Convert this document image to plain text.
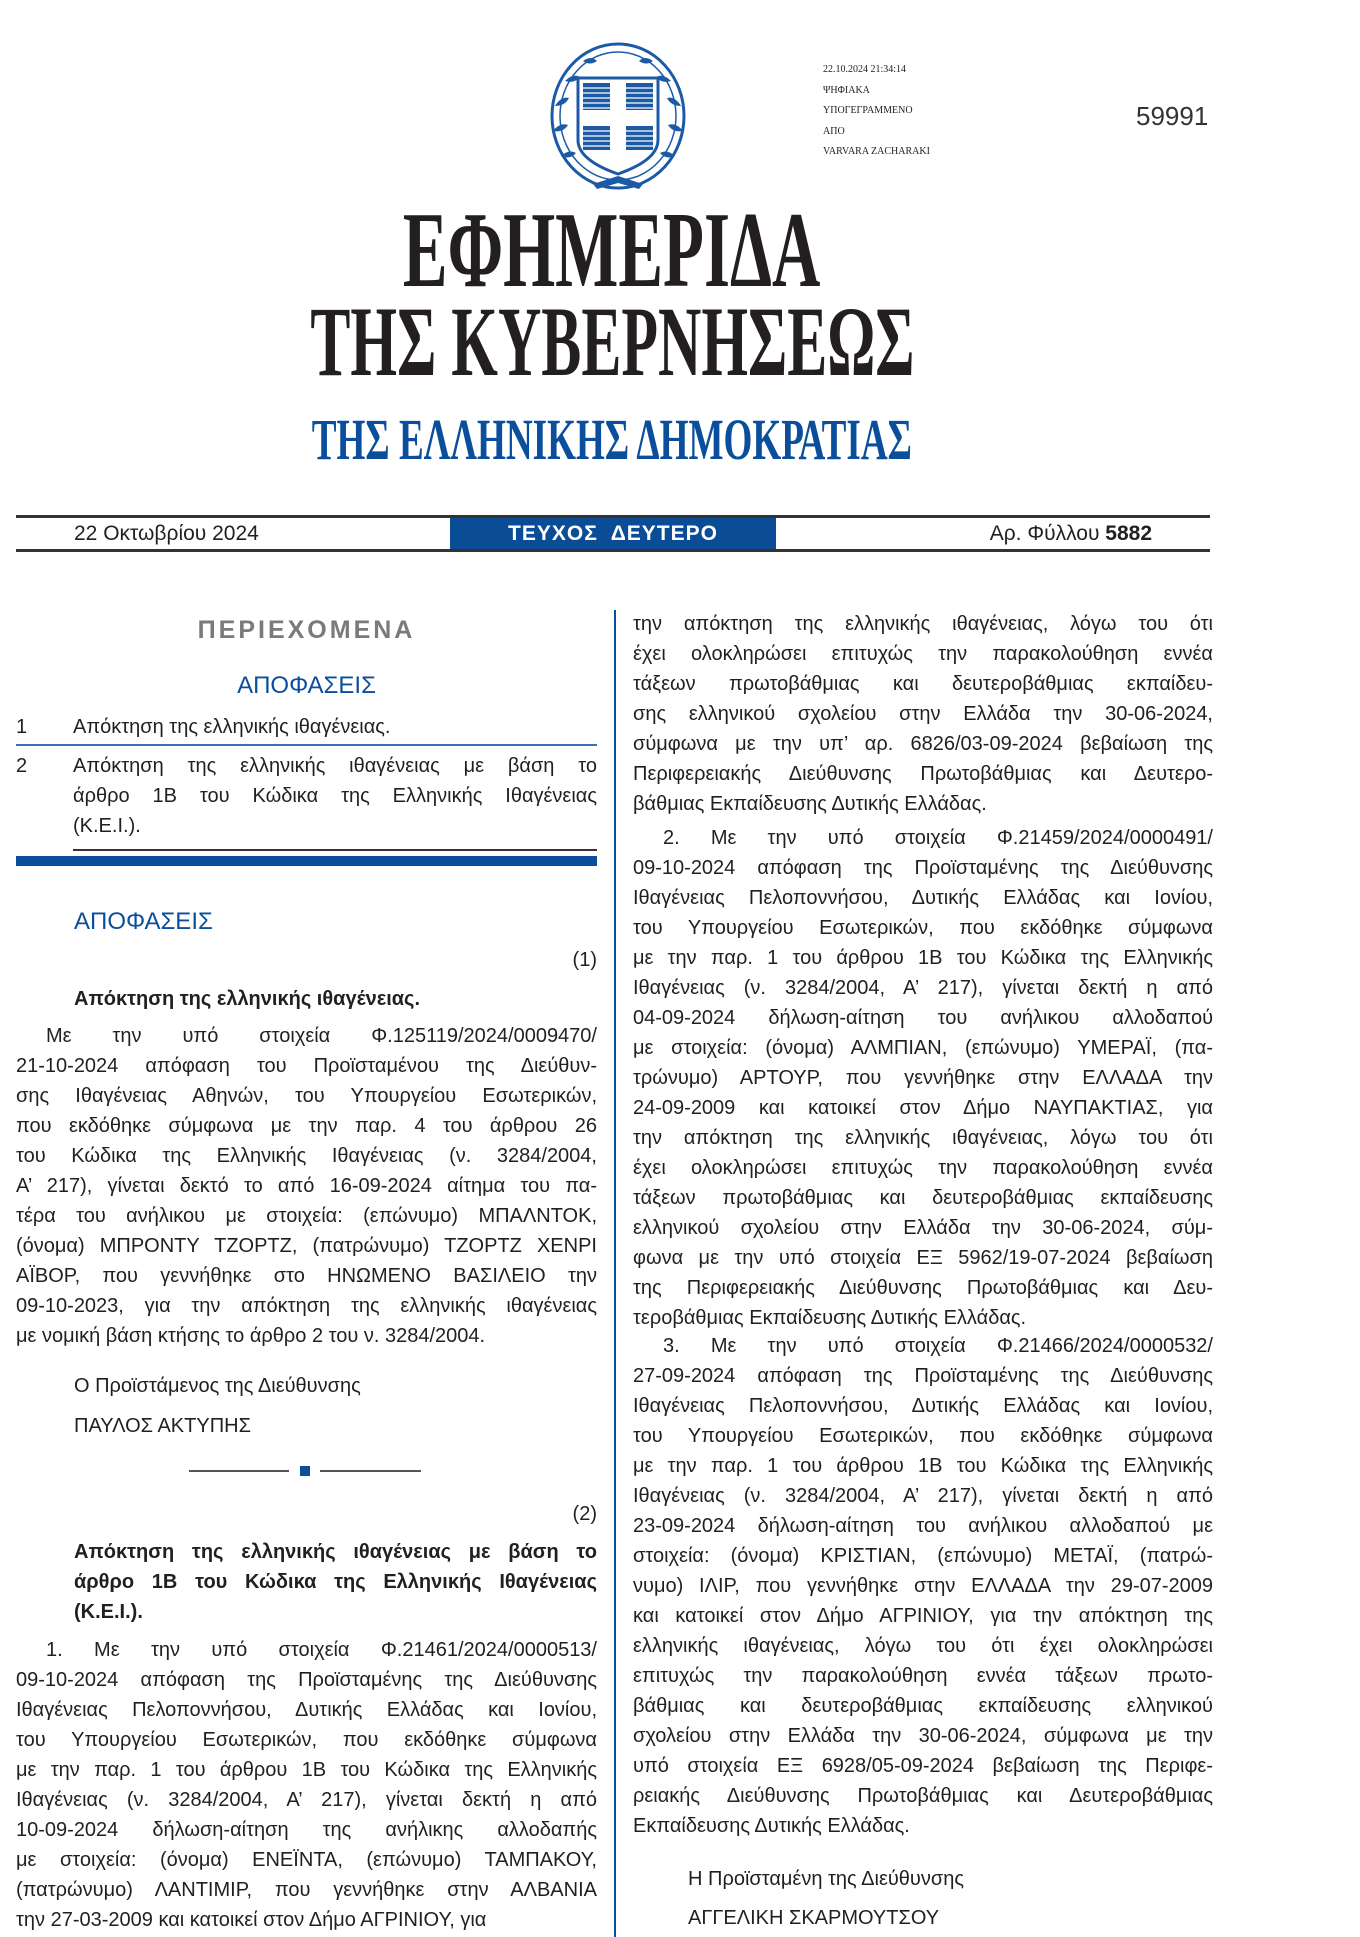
22.10.2024 21:34:14
ΨΗΦΙΑΚΑ
ΥΠΟΓΕΓΡΑΜΜΕΝΟ
ΑΠΟ
VARVARA ZACHARAKI
59991
ΕΦΗΜΕΡΙΔΑ
ΤΗΣ ΚΥΒΕΡΝΗΣΕΩΣ
ΤΗΣ ΕΛΛΗΝΙΚΗΣ ΔΗΜΟΚΡΑΤΙΑΣ
22 Οκτωβρίου 2024	ΤΕΥΧΟΣ  ΔΕΥΤΕΡΟ	Αρ. Φύλλου 5882
ΠΕΡΙΕΧΟΜΕΝΑ
ΑΠΟΦΑΣΕΙΣ
1 Απόκτηση της ελληνικής ιθαγένειας.
2 Απόκτηση της ελληνικής ιθαγένειας με βάση το
άρθρο 1Β του Κώδικα της Ελληνικής Ιθαγένειας
(Κ.Ε.Ι.).
ΑΠΟΦΑΣΕΙΣ
(1)
Απόκτηση της ελληνικής ιθαγένειας.
Με την υπό στοιχεία Φ.125119/2024/0009470/
21-10-2024 απόφαση του Προϊσταμένου της Διεύθυν-
σης Ιθαγένειας Αθηνών, του Υπουργείου Εσωτερικών,
που εκδόθηκε σύμφωνα με την παρ. 4 του άρθρου 26
του Κώδικα της Ελληνικής Ιθαγένειας (ν. 3284/2004,
Α’ 217), γίνεται δεκτό το από 16-09-2024 αίτημα του πα-
τέρα του ανήλικου με στοιχεία: (επώνυμο) ΜΠΑΛΝΤΟΚ,
(όνομα) ΜΠΡΟΝΤΥ ΤΖΟΡΤΖ, (πατρώνυμο) ΤΖΟΡΤΖ ΧΕΝΡΙ
ΑΪΒΟΡ, που γεννήθηκε στο ΗΝΩΜΕΝΟ ΒΑΣΙΛΕΙΟ την
09-10-2023, για την απόκτηση της ελληνικής ιθαγένειας
με νομική βάση κτήσης το άρθρο 2 του ν. 3284/2004.
Ο Προϊστάμενος της Διεύθυνσης
ΠΑΥΛΟΣ ΑΚΤΥΠΗΣ
(2)
Απόκτηση της ελληνικής ιθαγένειας με βάση το
άρθρο 1Β του Κώδικα της Ελληνικής Ιθαγένειας
(Κ.Ε.Ι.).
1. Με την υπό στοιχεία Φ.21461/2024/0000513/
09-10-2024 απόφαση της Προϊσταμένης της Διεύθυνσης
Ιθαγένειας Πελοποννήσου, Δυτικής Ελλάδας και Ιονίου,
του Υπουργείου Εσωτερικών, που εκδόθηκε σύμφωνα
με την παρ. 1 του άρθρου 1Β του Κώδικα της Ελληνικής
Ιθαγένειας (ν. 3284/2004, Α’ 217), γίνεται δεκτή η από
10-09-2024 δήλωση-αίτηση της ανήλικης αλλοδαπής
με στοιχεία: (όνομα) ΕΝΕΪΝΤΑ, (επώνυμο) ΤΑΜΠΑΚΟΥ,
(πατρώνυμο) ΛΑΝΤΙΜΙΡ, που γεννήθηκε στην ΑΛΒΑΝΙΑ
την 27-03-2009 και κατοικεί στον Δήμο ΑΓΡΙΝΙΟΥ, για
την απόκτηση της ελληνικής ιθαγένειας, λόγω του ότι
έχει ολοκληρώσει επιτυχώς την παρακολούθηση εννέα
τάξεων πρωτοβάθμιας και δευτεροβάθμιας εκπαίδευ-
σης ελληνικού σχολείου στην Ελλάδα την 30-06-2024,
σύμφωνα με την υπ’ αρ. 6826/03-09-2024 βεβαίωση της
Περιφερειακής Διεύθυνσης Πρωτοβάθμιας και Δευτερο-
βάθμιας Εκπαίδευσης Δυτικής Ελλάδας.
2. Με την υπό στοιχεία Φ.21459/2024/0000491/
09-10-2024 απόφαση της Προϊσταμένης της Διεύθυνσης
Ιθαγένειας Πελοποννήσου, Δυτικής Ελλάδας και Ιονίου,
του Υπουργείου Εσωτερικών, που εκδόθηκε σύμφωνα
με την παρ. 1 του άρθρου 1Β του Κώδικα της Ελληνικής
Ιθαγένειας (ν. 3284/2004, Α’ 217), γίνεται δεκτή η από
04-09-2024 δήλωση-αίτηση του ανήλικου αλλοδαπού
με στοιχεία: (όνομα) ΑΛΜΠΙΑΝ, (επώνυμο) ΥΜΕΡΑΪ, (πα-
τρώνυμο) ΑΡΤΟΥΡ, που γεννήθηκε στην ΕΛΛΑΔΑ την
24-09-2009 και κατοικεί στον Δήμο ΝΑΥΠΑΚΤΙΑΣ, για
την απόκτηση της ελληνικής ιθαγένειας, λόγω του ότι
έχει ολοκληρώσει επιτυχώς την παρακολούθηση εννέα
τάξεων πρωτοβάθμιας και δευτεροβάθμιας εκπαίδευσης
ελληνικού σχολείου στην Ελλάδα την 30-06-2024, σύμ-
φωνα με την υπό στοιχεία ΕΞ 5962/19-07-2024 βεβαίωση
της Περιφερειακής Διεύθυνσης Πρωτοβάθμιας και Δευ-
τεροβάθμιας Εκπαίδευσης Δυτικής Ελλάδας.
3. Με την υπό στοιχεία Φ.21466/2024/0000532/
27-09-2024 απόφαση της Προϊσταμένης της Διεύθυνσης
Ιθαγένειας Πελοποννήσου, Δυτικής Ελλάδας και Ιονίου,
του Υπουργείου Εσωτερικών, που εκδόθηκε σύμφωνα
με την παρ. 1 του άρθρου 1Β του Κώδικα της Ελληνικής
Ιθαγένειας (ν. 3284/2004, Α’ 217), γίνεται δεκτή η από
23-09-2024 δήλωση-αίτηση του ανήλικου αλλοδαπού με
στοιχεία: (όνομα) ΚΡΙΣΤΙΑΝ, (επώνυμο) ΜΕΤΑΪ, (πατρώ-
νυμο) ΙΛΙΡ, που γεννήθηκε στην ΕΛΛΑΔΑ την 29-07-2009
και κατοικεί στον Δήμο ΑΓΡΙΝΙΟΥ, για την απόκτηση της
ελληνικής ιθαγένειας, λόγω του ότι έχει ολοκληρώσει
επιτυχώς την παρακολούθηση εννέα τάξεων πρωτο-
βάθμιας και δευτεροβάθμιας εκπαίδευσης ελληνικού
σχολείου στην Ελλάδα την 30-06-2024, σύμφωνα με την
υπό στοιχεία ΕΞ 6928/05-09-2024 βεβαίωση της Περιφε-
ρειακής Διεύθυνσης Πρωτοβάθμιας και Δευτεροβάθμιας
Εκπαίδευσης Δυτικής Ελλάδας.
Η Προϊσταμένη της Διεύθυνσης
ΑΓΓΕΛΙΚΗ ΣΚΑΡΜΟΥΤΣΟΥ
